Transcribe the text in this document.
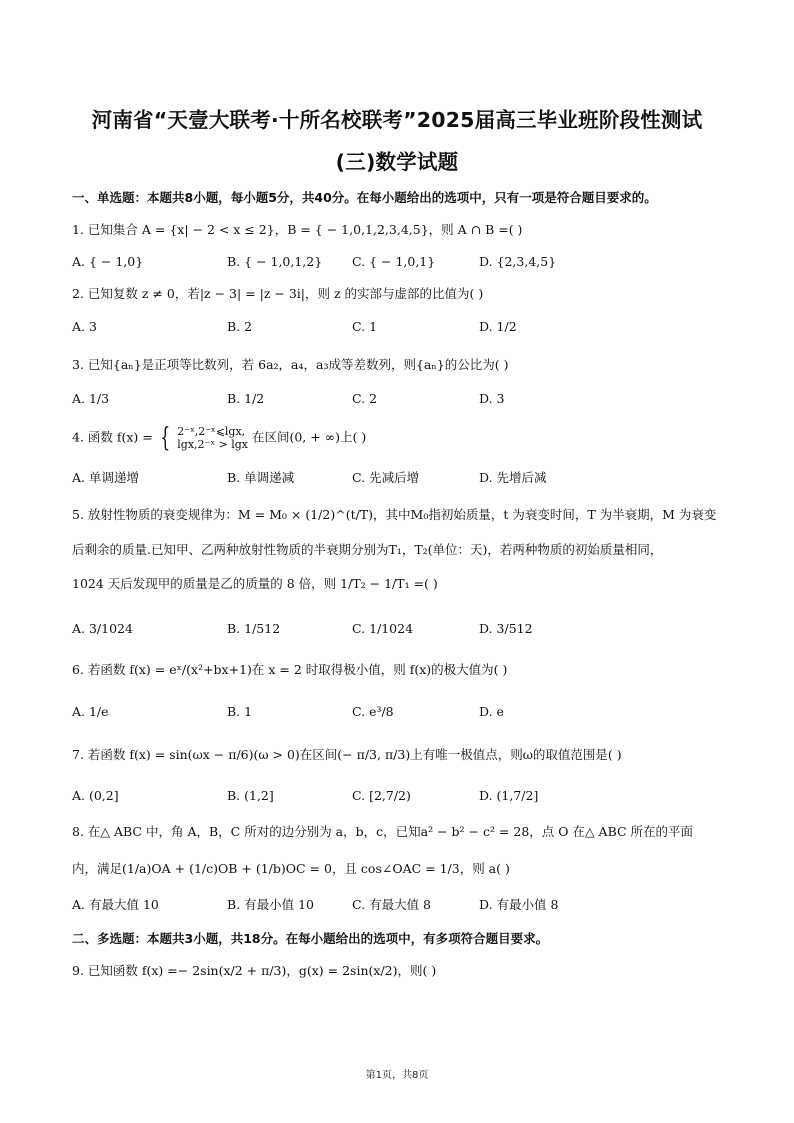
河南省“天壹大联考·十所名校联考”2025届高三毕业班阶段性测试
(三)数学试题
一、单选题：本题共8小题，每小题5分，共40分。在每小题给出的选项中，只有一项是符合题目要求的。
1. 已知集合 A = {x| − 2 < x ≤ 2}，B = { − 1,0,1,2,3,4,5}，则 A ∩ B =( )
A. { − 1,0}	B. { − 1,0,1,2} C. { − 1,0,1}	D. {2,3,4,5}
2. 已知复数 z ≠ 0，若|z − 3| = |z − 3i|，则 z 的实部与虚部的比值为( )
A. 3	B. 2	C. 1	D. 1/2
3. 已知{aₙ}是正项等比数列，若 6a₂，a₄，a₃成等差数列，则{aₙ}的公比为( )
A. 1/3	B. 1/2	C. 2	D. 3
4. 函数 f(x) = { 2⁻ˣ,2⁻ˣ⩽lgx,
lgx,2⁻ˣ > lgx 在区间(0, + ∞)上( )
A. 单调递增	B. 单调递减	C. 先减后增	D. 先增后减
5. 放射性物质的衰变规律为：M = M₀ × (1/2)^(t/T)，其中M₀指初始质量，t 为衰变时间，T 为半衰期，M 为衰变
后剩余的质量.已知甲、乙两种放射性物质的半衰期分别为T₁，T₂(单位：天)，若两种物质的初始质量相同，
1024 天后发现甲的质量是乙的质量的 8 倍，则 1/T₂ − 1/T₁ =( )
A. 3/1024	B. 1/512	C. 1/1024	D. 3/512
6. 若函数 f(x) = eˣ/(x²+bx+1)在 x = 2 时取得极小值，则 f(x)的极大值为( )
A. 1/e	B. 1	C. e³/8	D. e
7. 若函数 f(x) = sin(ωx − π/6)(ω > 0)在区间(− π/3, π/3)上有唯一极值点，则ω的取值范围是( )
A. (0,2]	B. (1,2]	C. [2,7/2)	D. (1,7/2]
8. 在△ ABC 中，角 A，B，C 所对的边分别为 a，b，c，已知a² − b² − c² = 28，点 O 在△ ABC 所在的平面
内，满足(1/a)OA + (1/c)OB + (1/b)OC = 0，且 cos∠OAC = 1/3，则 a( )
A. 有最大值 10	B. 有最小值 10	C. 有最大值 8	D. 有最小值 8
二、多选题：本题共3小题，共18分。在每小题给出的选项中，有多项符合题目要求。
9. 已知函数 f(x) =− 2sin(x/2 + π/3)，g(x) = 2sin(x/2)，则( )
第1页，共8页
